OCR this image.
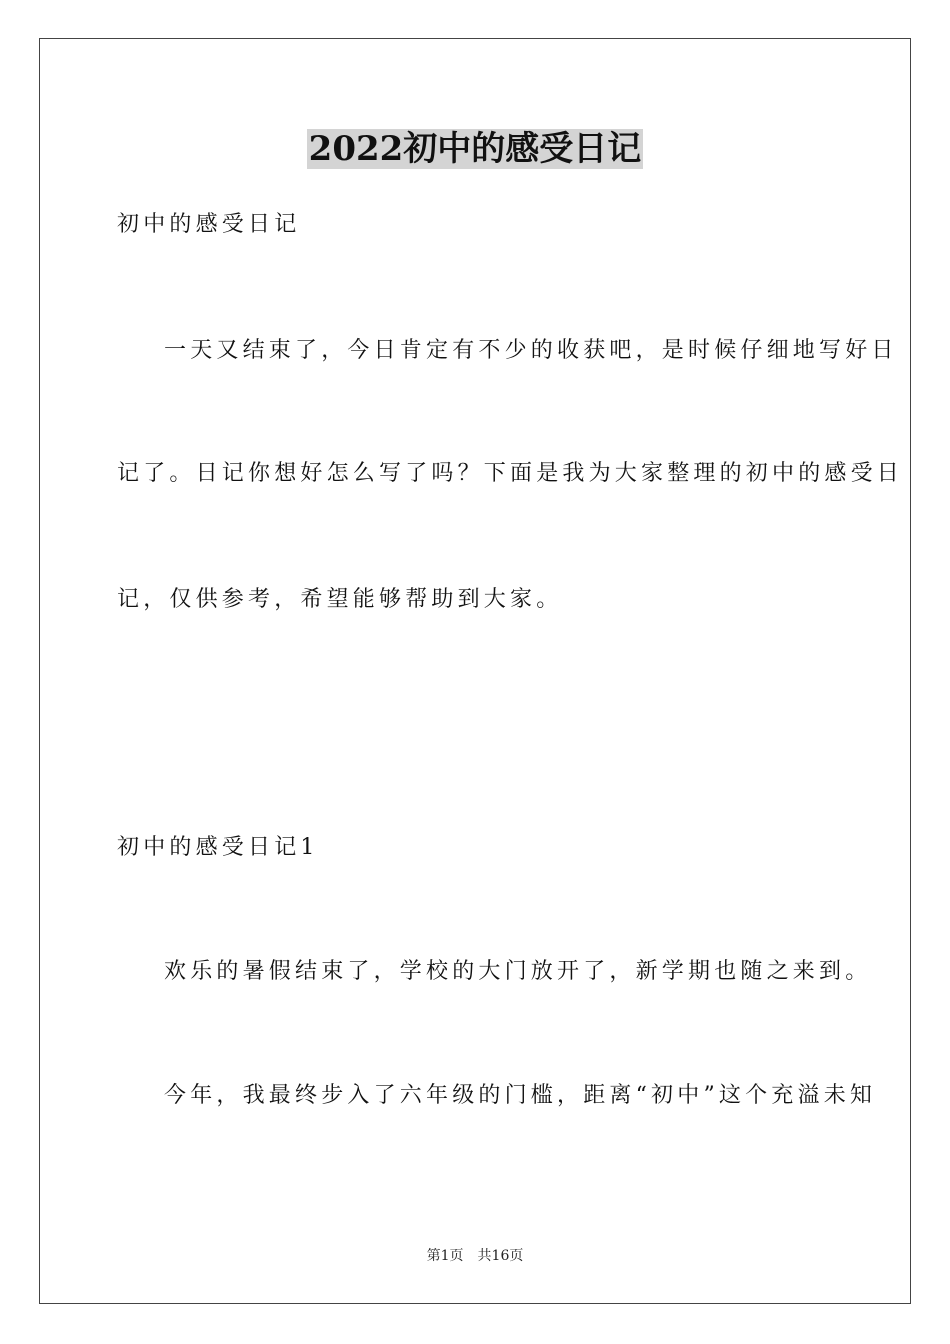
2022初中的感受日记
初中的感受日记
一天又结束了，今日肯定有不少的收获吧，是时候仔细地写好日
记了。日记你想好怎么写了吗？下面是我为大家整理的初中的感受日
记，仅供参考，希望能够帮助到大家。
初中的感受日记1
欢乐的暑假结束了，学校的大门放开了，新学期也随之来到。
今年，我最终步入了六年级的门槛，距离“初中”这个充溢未知
第1页 共16页
